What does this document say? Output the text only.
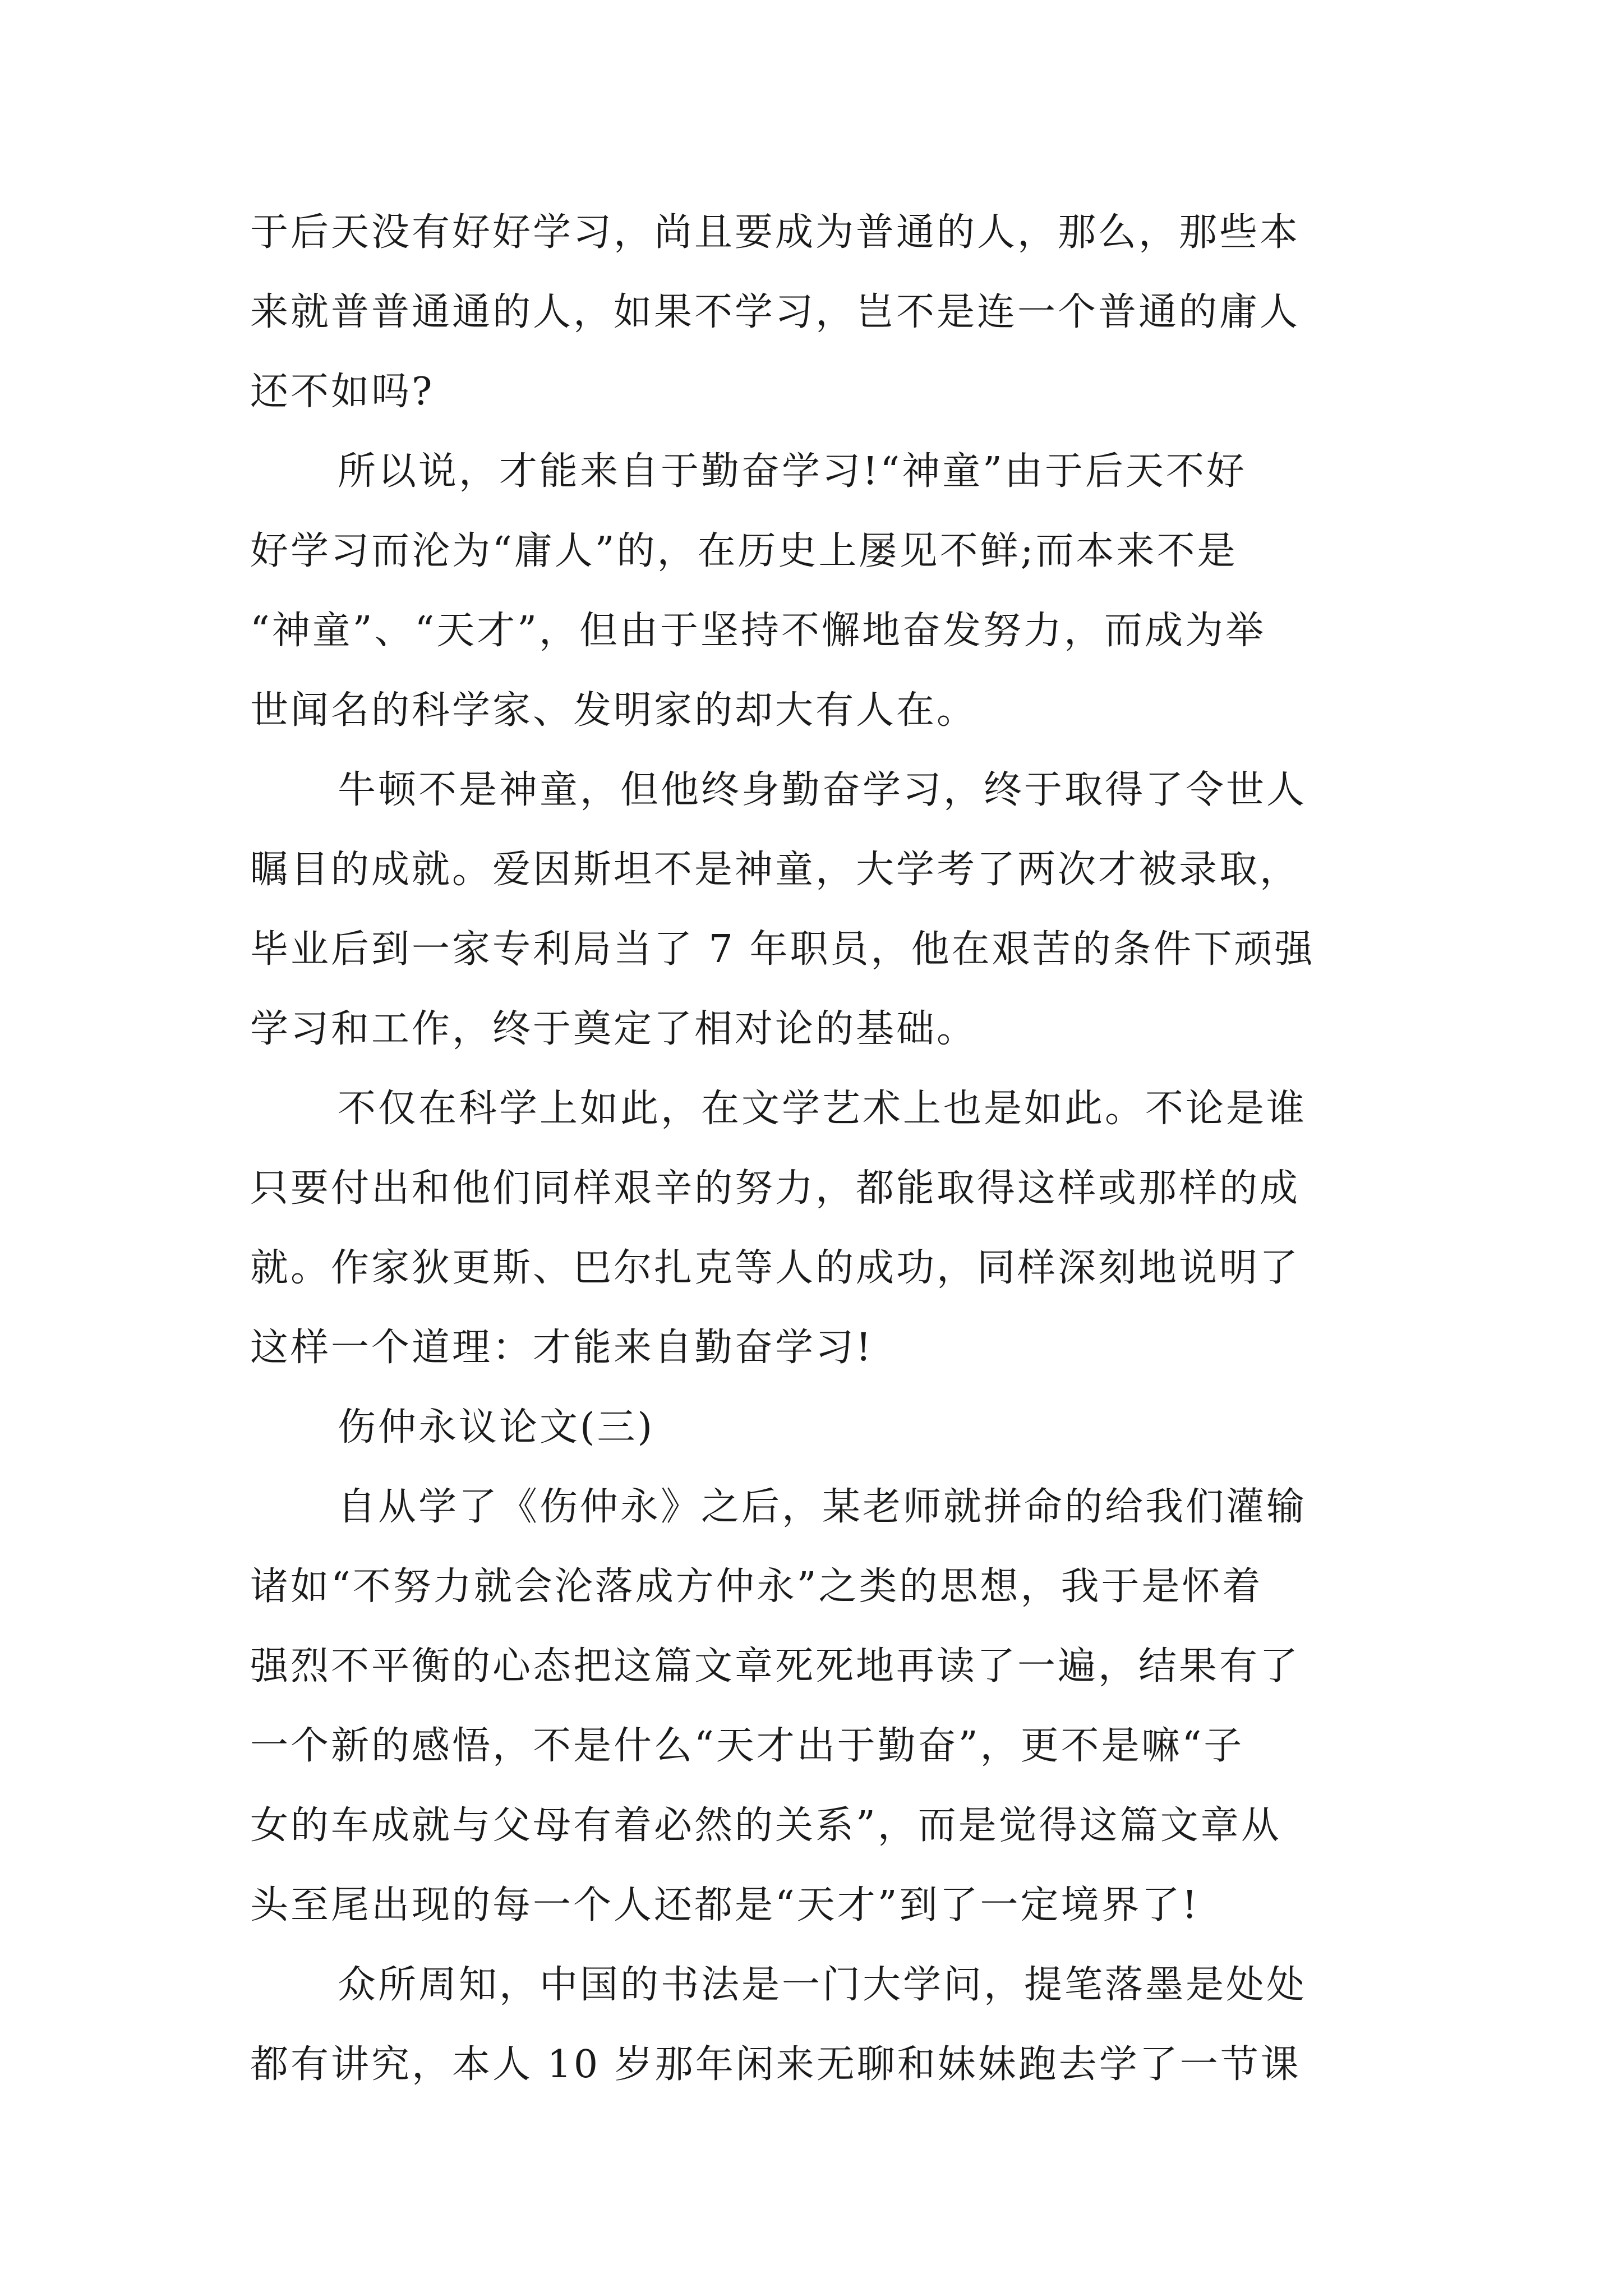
于后天没有好好学习，尚且要成为普通的人，那么，那些本
来就普普通通的人，如果不学习，岂不是连一个普通的庸人
还不如吗?
所以说，才能来自于勤奋学习!“神童”由于后天不好
好学习而沦为“庸人”的，在历史上屡见不鲜;而本来不是
“神童”、“天才”，但由于坚持不懈地奋发努力，而成为举
世闻名的科学家、发明家的却大有人在。
牛顿不是神童，但他终身勤奋学习，终于取得了令世人
瞩目的成就。爱因斯坦不是神童，大学考了两次才被录取，
毕业后到一家专利局当了 7 年职员，他在艰苦的条件下顽强
学习和工作，终于奠定了相对论的基础。
不仅在科学上如此，在文学艺术上也是如此。不论是谁
只要付出和他们同样艰辛的努力，都能取得这样或那样的成
就。作家狄更斯、巴尔扎克等人的成功，同样深刻地说明了
这样一个道理：才能来自勤奋学习!
伤仲永议论文(三)
自从学了《伤仲永》之后，某老师就拼命的给我们灌输
诸如“不努力就会沦落成方仲永”之类的思想，我于是怀着
强烈不平衡的心态把这篇文章死死地再读了一遍，结果有了
一个新的感悟，不是什么“天才出于勤奋”，更不是嘛“子
女的车成就与父母有着必然的关系”，而是觉得这篇文章从
头至尾出现的每一个人还都是“天才”到了一定境界了!
众所周知，中国的书法是一门大学问，提笔落墨是处处
都有讲究，本人 10 岁那年闲来无聊和妹妹跑去学了一节课
